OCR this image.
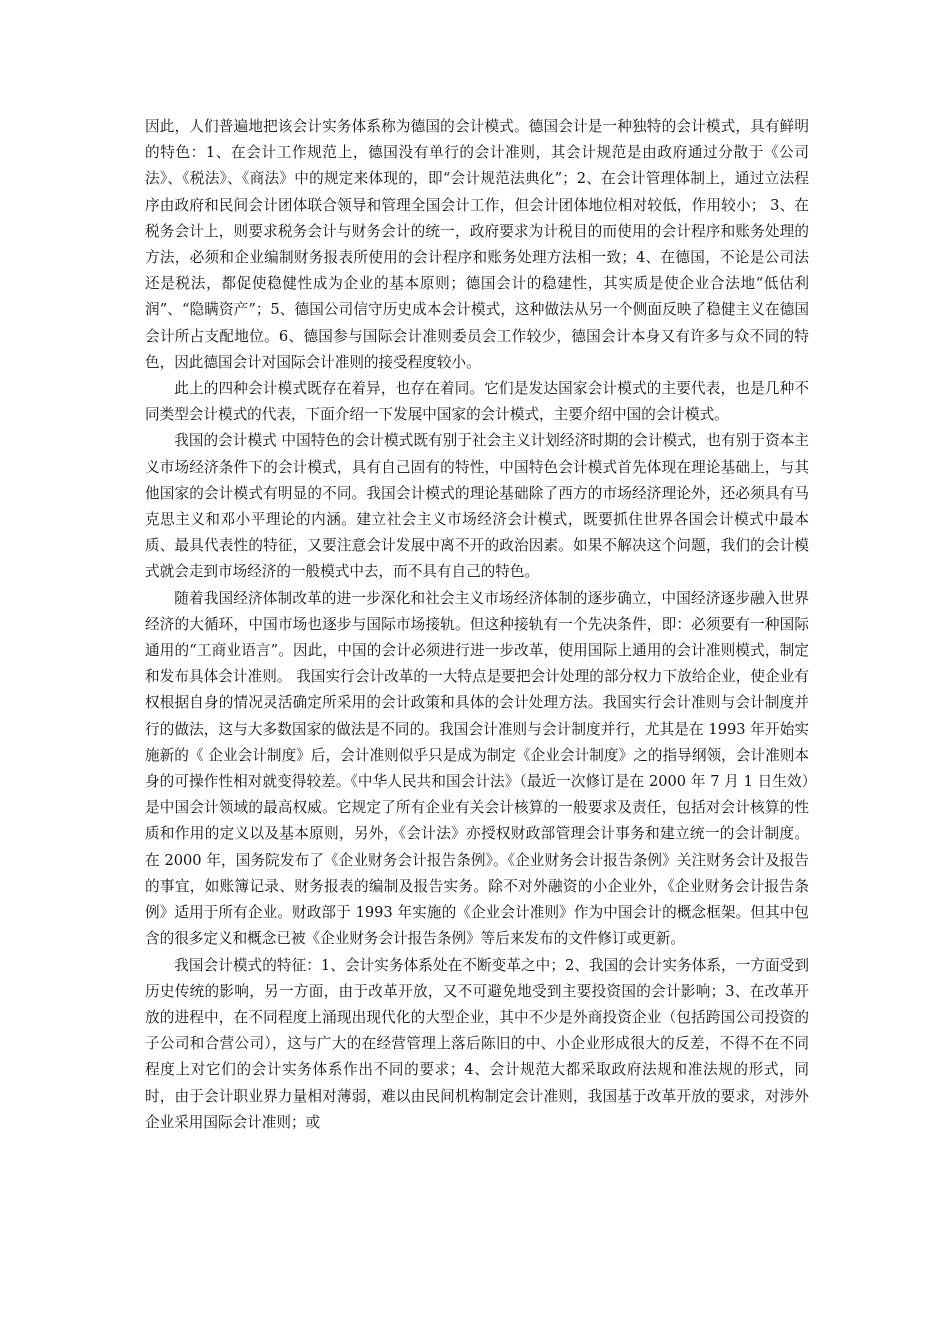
因此，人们普遍地把该会计实务体系称为德国的会计模式。德国会计是一种独特的会计模式，具有鲜明的特色：1、在会计工作规范上，德国没有单行的会计准则，其会计规范是由政府通过分散于《公司法》、《税法》、《商法》中的规定来体现的，即“会计规范法典化”；2、在会计管理体制上，通过立法程序由政府和民间会计团体联合领导和管理全国会计工作，但会计团体地位相对较低，作用较小； 3、在税务会计上，则要求税务会计与财务会计的统一，政府要求为计税目的而使用的会计程序和账务处理的方法，必须和企业编制财务报表所使用的会计程序和账务处理方法相一致；4、在德国，不论是公司法还是税法，都促使稳健性成为企业的基本原则；德国会计的稳建性，其实质是使企业合法地“低估利润”、“隐瞒资产”；5、德国公司信守历史成本会计模式，这种做法从另一个侧面反映了稳健主义在德国会计所占支配地位。6、德国参与国际会计准则委员会工作较少，德国会计本身又有许多与众不同的特色，因此德国会计对国际会计准则的接受程度较小。

此上的四种会计模式既存在着异，也存在着同。它们是发达国家会计模式的主要代表，也是几种不同类型会计模式的代表，下面介绍一下发展中国家的会计模式，主要介绍中国的会计模式。

我国的会计模式 中国特色的会计模式既有别于社会主义计划经济时期的会计模式，也有别于资本主义市场经济条件下的会计模式，具有自己固有的特性，中国特色会计模式首先体现在理论基础上，与其他国家的会计模式有明显的不同。我国会计模式的理论基础除了西方的市场经济理论外，还必须具有马克思主义和邓小平理论的内涵。建立社会主义市场经济会计模式，既要抓住世界各国会计模式中最本质、最具代表性的特征，又要注意会计发展中离不开的政治因素。如果不解决这个问题，我们的会计模式就会走到市场经济的一般模式中去，而不具有自己的特色。

随着我国经济体制改革的进一步深化和社会主义市场经济体制的逐步确立，中国经济逐步融入世界经济的大循环，中国市场也逐步与国际市场接轨。但这种接轨有一个先决条件，即：必须要有一种国际通用的“工商业语言”。因此，中国的会计必须进行进一步改革，使用国际上通用的会计准则模式，制定和发布具体会计准则。 我国实行会计改革的一大特点是要把会计处理的部分权力下放给企业，使企业有权根据自身的情况灵活确定所采用的会计政策和具体的会计处理方法。我国实行会计准则与会计制度并行的做法，这与大多数国家的做法是不同的。我国会计准则与会计制度并行，尤其是在 1993 年开始实施新的《 企业会计制度》后，会计准则似乎只是成为制定《企业会计制度》之的指导纲领，会计准则本身的可操作性相对就变得较差。《中华人民共和国会计法》（最近一次修订是在 2000 年 7 月 1 日生效）是中国会计领域的最高权威。它规定了所有企业有关会计核算的一般要求及责任，包括对会计核算的性质和作用的定义以及基本原则，另外，《会计法》亦授权财政部管理会计事务和建立统一的会计制度。在 2000 年，国务院发布了《企业财务会计报告条例》。《企业财务会计报告条例》关注财务会计及报告的事宜，如账簿记录、财务报表的编制及报告实务。除不对外融资的小企业外，《企业财务会计报告条例》适用于所有企业。财政部于 1993 年实施的《企业会计准则》作为中国会计的概念框架。但其中包含的很多定义和概念已被《企业财务会计报告条例》等后来发布的文件修订或更新。

我国会计模式的特征：1、会计实务体系处在不断变革之中；2、我国的会计实务体系，一方面受到历史传统的影响，另一方面，由于改革开放，又不可避免地受到主要投资国的会计影响；3、在改革开放的进程中，在不同程度上涌现出现代化的大型企业，其中不少是外商投资企业（包括跨国公司投资的子公司和合营公司），这与广大的在经营管理上落后陈旧的中、小企业形成很大的反差，不得不在不同程度上对它们的会计实务体系作出不同的要求；4、会计规范大都采取政府法规和准法规的形式，同时，由于会计职业界力量相对薄弱，难以由民间机构制定会计准则，我国基于改革开放的要求，对涉外企业采用国际会计准则；或
